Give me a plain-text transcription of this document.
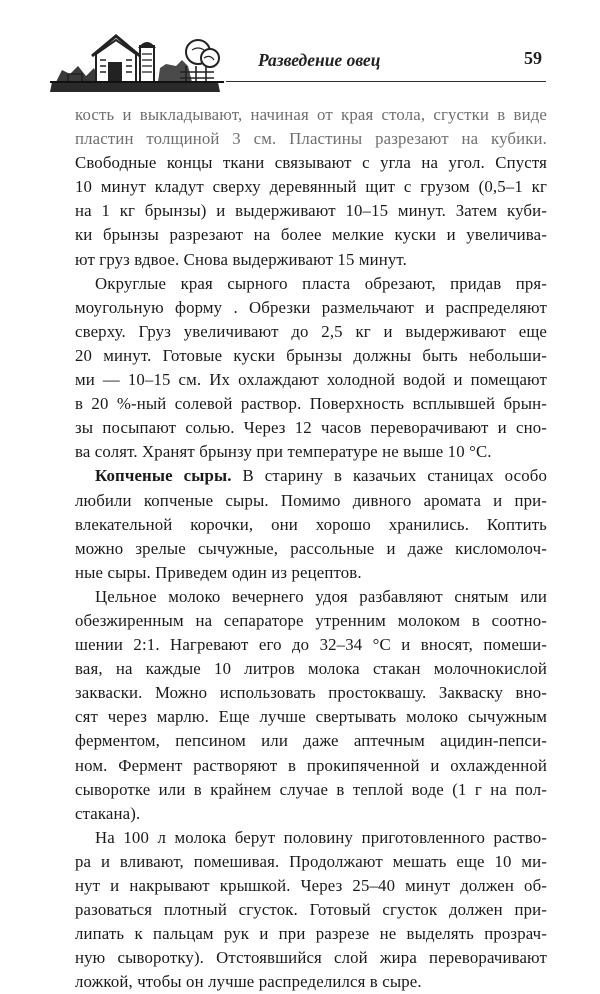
Разведение овец	59
кость и выкладывают, начиная от края стола, сгустки в виде
пластин толщиной 3 см. Пластины разрезают на кубики.
Свободные концы ткани связывают с угла на угол. Спустя
10 минут кладут сверху деревянный щит с грузом (0,5–1 кг
на 1 кг брынзы) и выдерживают 10–15 минут. Затем куби-
ки брынзы разрезают на более мелкие куски и увеличива-
ют груз вдвое. Снова выдерживают 15 минут.
Округлые края сырного пласта обрезают, придав пря-
моугольную форму . Обрезки размельчают и распределяют
сверху. Груз увеличивают до 2,5 кг и выдерживают еще
20 минут. Готовые куски брынзы должны быть небольши-
ми — 10–15 см. Их охлаждают холодной водой и помещают
в 20 %-ный солевой раствор. Поверхность всплывшей брын-
зы посыпают солью. Через 12 часов переворачивают и сно-
ва солят. Хранят брынзу при температуре не выше 10 °С.
Копченые сыры. В старину в казачьих станицах особо
любили копченые сыры. Помимо дивного аромата и при-
влекательной корочки, они хорошо хранились. Коптить
можно зрелые сычужные, рассольные и даже кисломолоч-
ные сыры. Приведем один из рецептов.
Цельное молоко вечернего удоя разбавляют снятым или
обезжиренным на сепараторе утренним молоком в соотно-
шении 2:1. Нагревают его до 32–34 °С и вносят, помеши-
вая, на каждые 10 литров молока стакан молочнокислой
закваски. Можно использовать простоквашу. Закваску вно-
сят через марлю. Еще лучше свертывать молоко сычужным
ферментом, пепсином или даже аптечным ацидин-пепси-
ном. Фермент растворяют в прокипяченной и охлажденной
сыворотке или в крайнем случае в теплой воде (1 г на пол-
стакана).
На 100 л молока берут половину приготовленного раство-
ра и вливают, помешивая. Продолжают мешать еще 10 ми-
нут и накрывают крышкой. Через 25–40 минут должен об-
разоваться плотный сгусток. Готовый сгусток должен при-
липать к пальцам рук и при разрезе не выделять прозрач-
ную сыворотку). Отстоявшийся слой жира переворачивают
ложкой, чтобы он лучше распределился в сыре.
